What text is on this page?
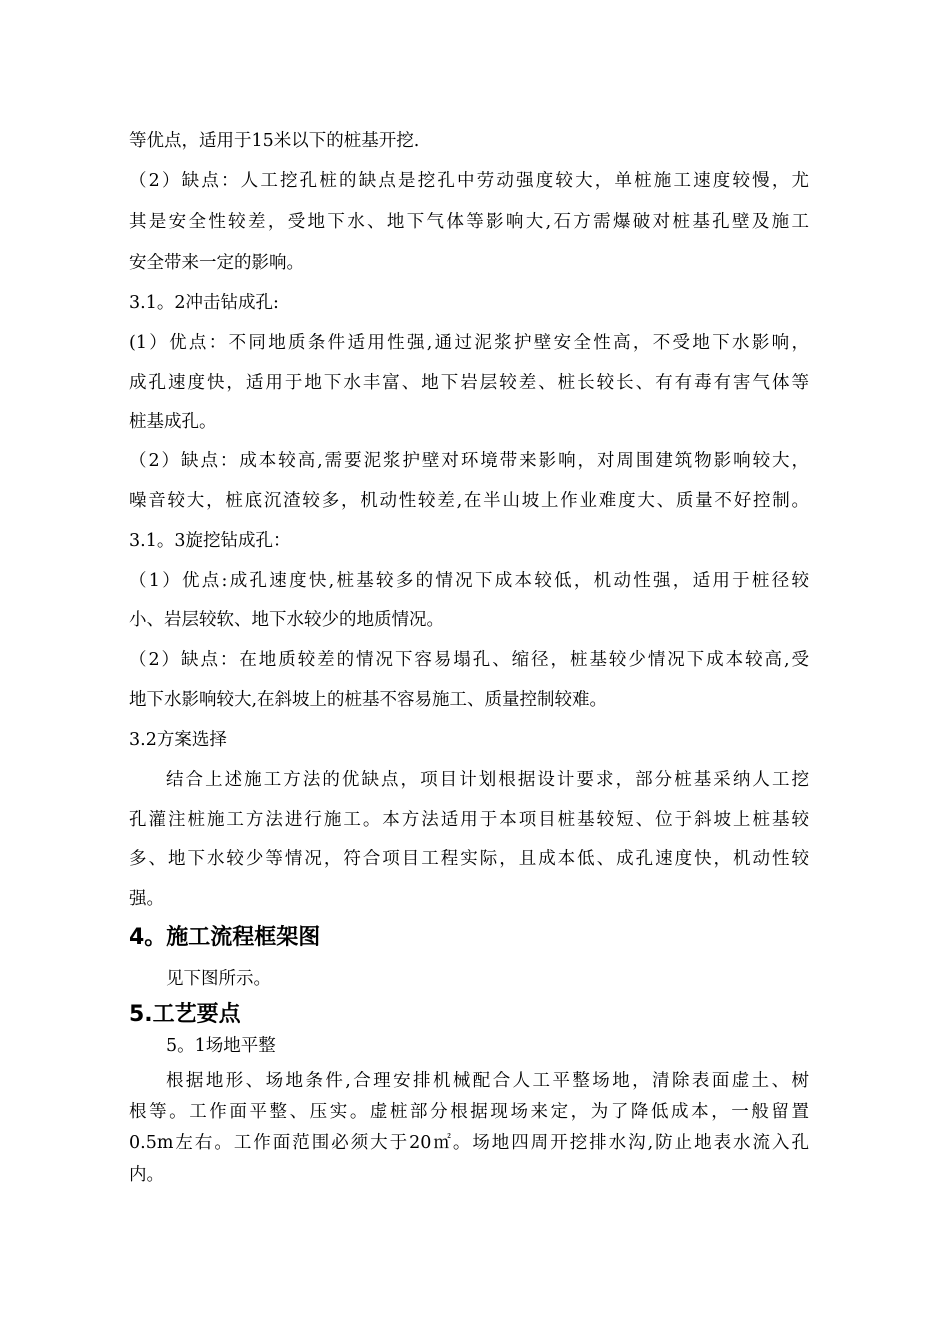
等优点，适用于15米以下的桩基开挖.
（2）缺点：人工挖孔桩的缺点是挖孔中劳动强度较大，单桩施工速度较慢，尤
其是安全性较差，受地下水、地下气体等影响大,石方需爆破对桩基孔壁及施工
安全带来一定的影响。
3.1。2冲击钻成孔:
(1）优点：不同地质条件适用性强,通过泥浆护壁安全性高，不受地下水影响，
成孔速度快，适用于地下水丰富、地下岩层较差、桩长较长、有有毒有害气体等
桩基成孔。
（2）缺点：成本较高,需要泥浆护壁对环境带来影响，对周围建筑物影响较大，
噪音较大，桩底沉渣较多，机动性较差,在半山坡上作业难度大、质量不好控制。
3.1。3旋挖钻成孔：
（1）优点:成孔速度快,桩基较多的情况下成本较低，机动性强，适用于桩径较
小、岩层较软、地下水较少的地质情况。
（2）缺点：在地质较差的情况下容易塌孔、缩径，桩基较少情况下成本较高,受
地下水影响较大,在斜坡上的桩基不容易施工、质量控制较难。
3.2方案选择
结合上述施工方法的优缺点，项目计划根据设计要求，部分桩基采纳人工挖
孔灌注桩施工方法进行施工。本方法适用于本项目桩基较短、位于斜坡上桩基较
多、地下水较少等情况，符合项目工程实际，且成本低、成孔速度快，机动性较
强。
4。施工流程框架图
见下图所示。
5.工艺要点
5。1场地平整
根据地形、场地条件,合理安排机械配合人工平整场地，清除表面虚土、树
根等。工作面平整、压实。虚桩部分根据现场来定，为了降低成本，一般留置
0.5m左右。工作面范围必须大于20㎡。场地四周开挖排水沟,防止地表水流入孔
内。
